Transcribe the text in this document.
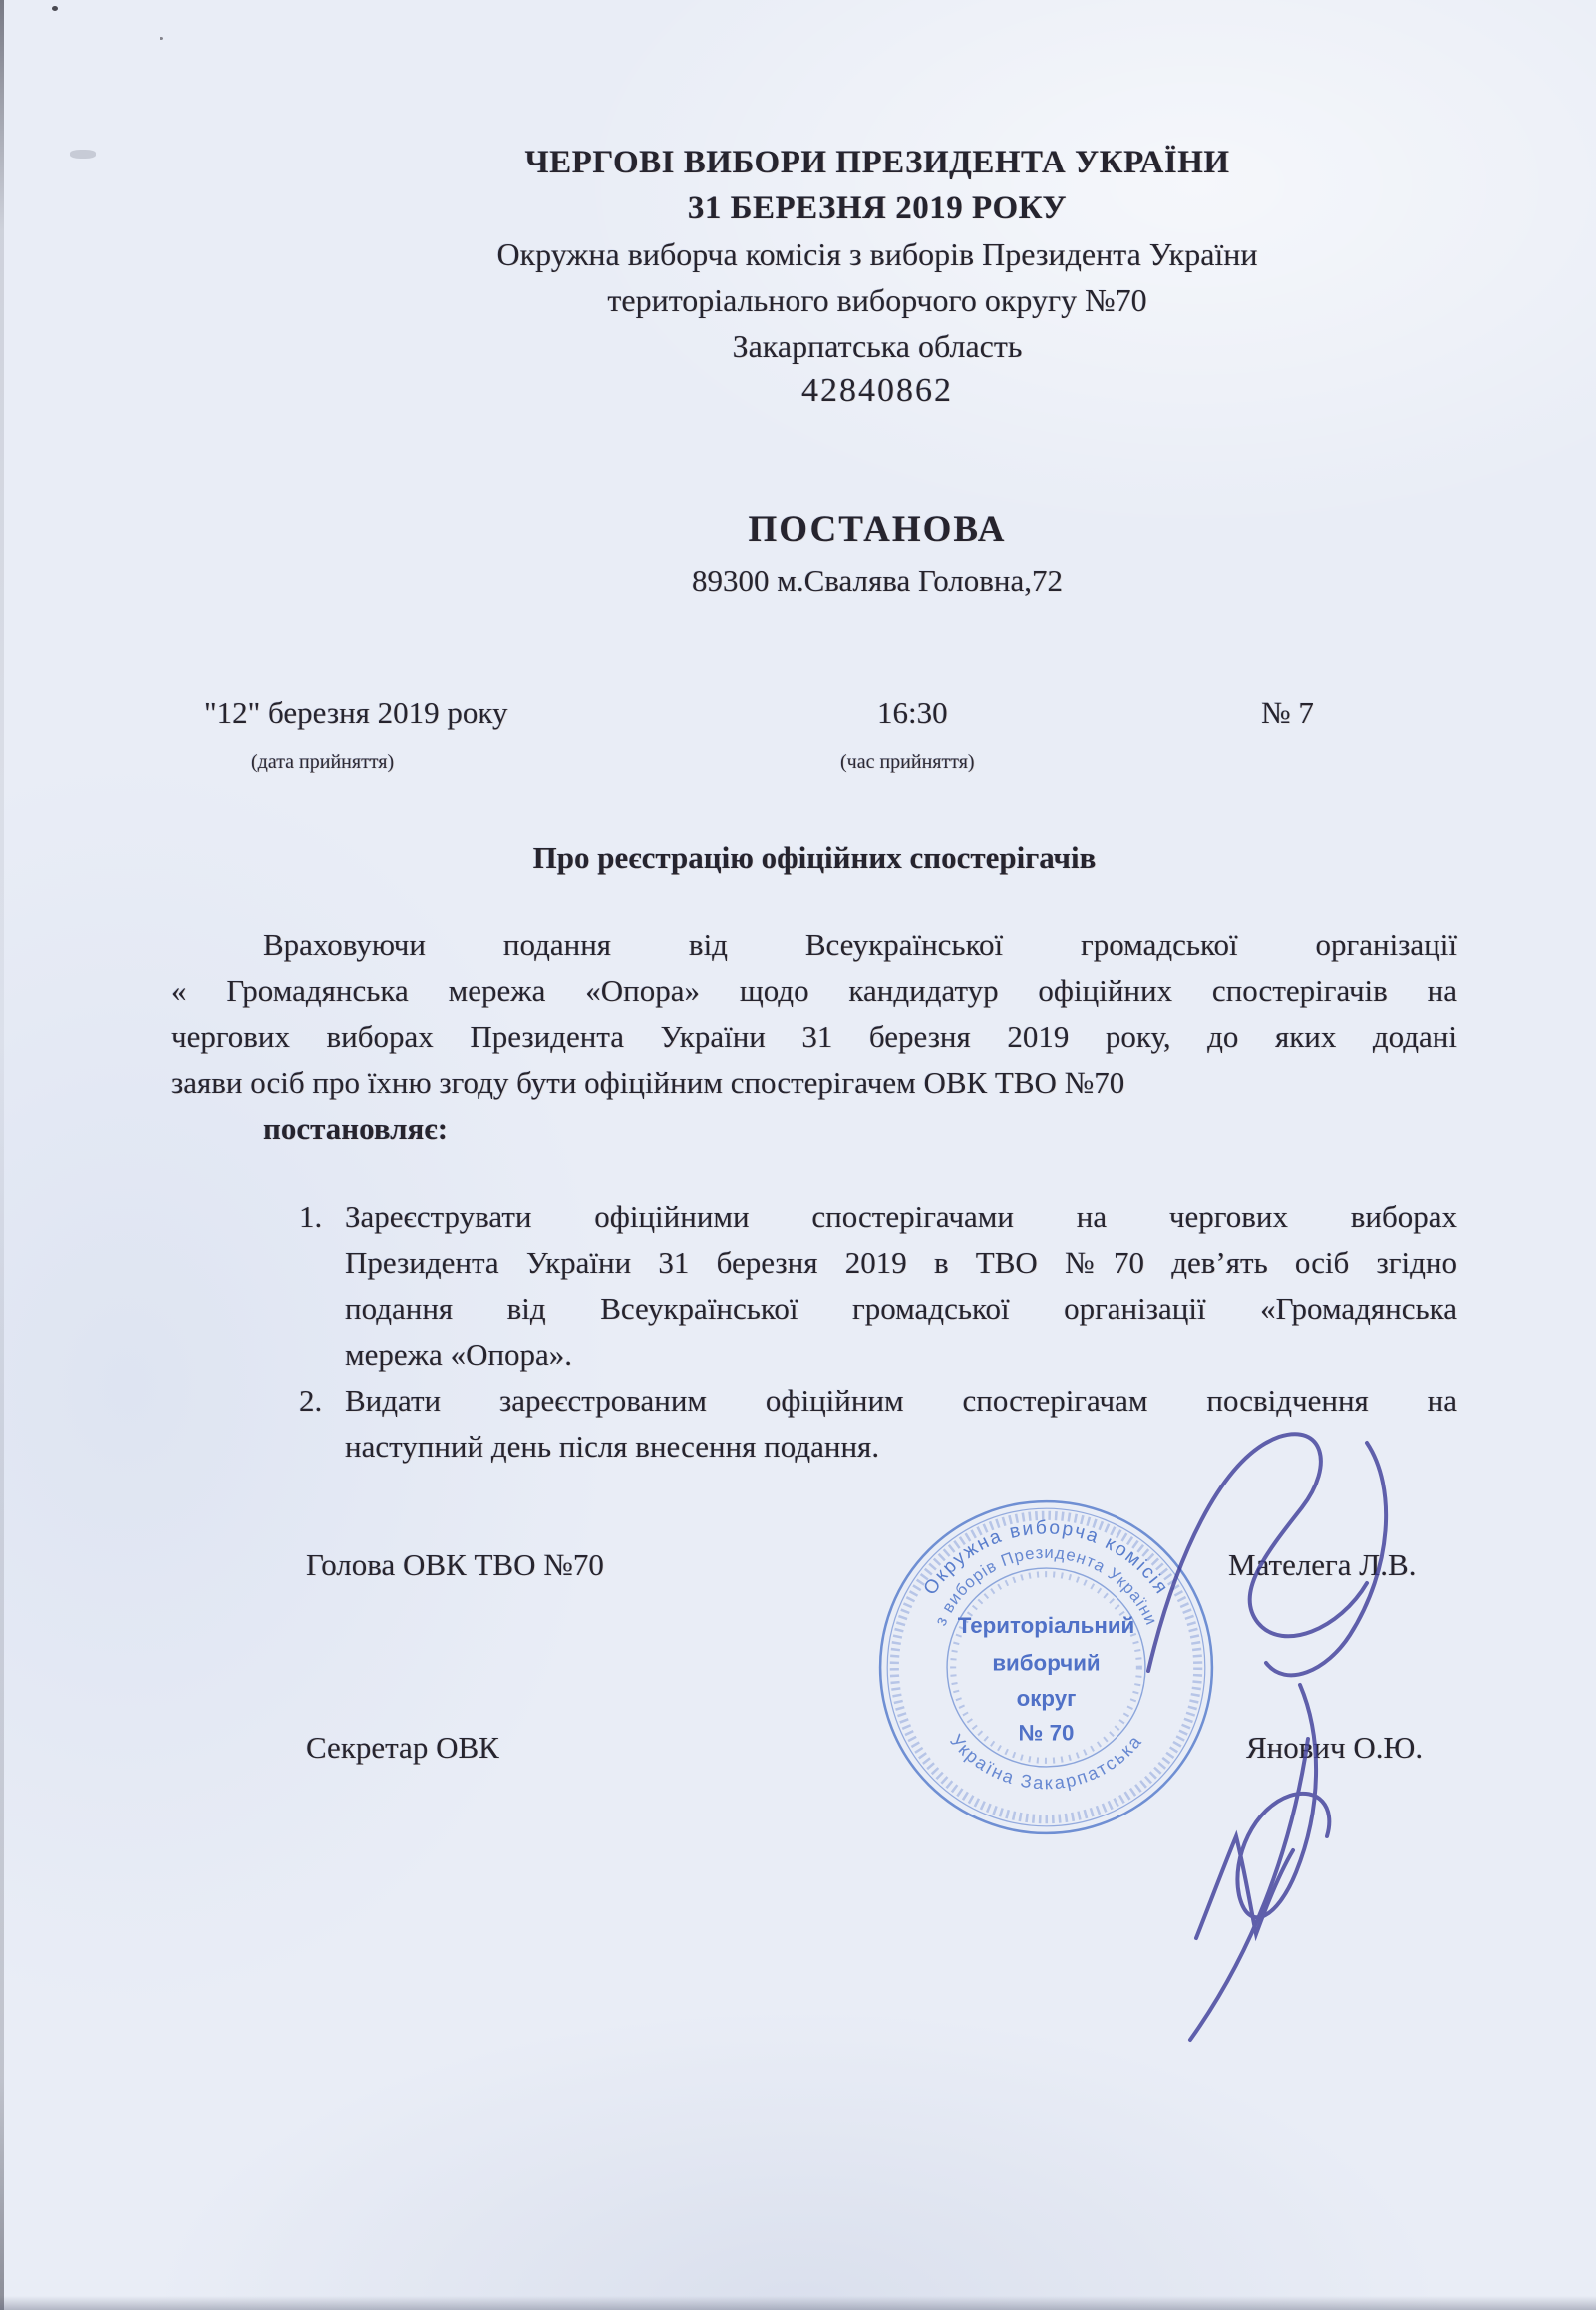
ЧЕРГОВІ ВИБОРИ ПРЕЗИДЕНТА УКРАЇНИ
31 БЕРЕЗНЯ 2019 РОКУ
Окружна виборча комісія з виборів Президента України
територіального виборчого округу №70
Закарпатська область
42840862
ПОСТАНОВА
89300 м.Свалява Головна,72
"12" березня 2019 року
(дата прийняття)
16:30
(час прийняття)
№ 7
Про реєстрацію офіційних спостерігачів
Враховуючи подання від Всеукраїнської громадської організації
« Громадянська мережа «Опора» щодо кандидатур офіційних спостерігачів на
чергових виборах Президента України 31 березня 2019 року, до яких додані
заяви осіб про їхню згоду бути офіційним спостерігачем ОВК ТВО №70
постановляє:
1. Зареєструвати офіційними спостерігачами на чергових виборах
Президента України 31 березня 2019 в ТВО №70 дев’ять осіб згідно
подання від Всеукраїнської громадської організації «Громадянська
мережа «Опора».
2. Видати зареєстрованим офіційним спостерігачам посвідчення на
наступний день після внесення подання.
Голова ОВК ТВО №70	Мателега Л.В.
Секретар ОВК	Янович О.Ю.
Окружна виборча комісія
з виборів Президента України
Україна Закарпатська
Територіальний
виборчий
округ
№ 70
